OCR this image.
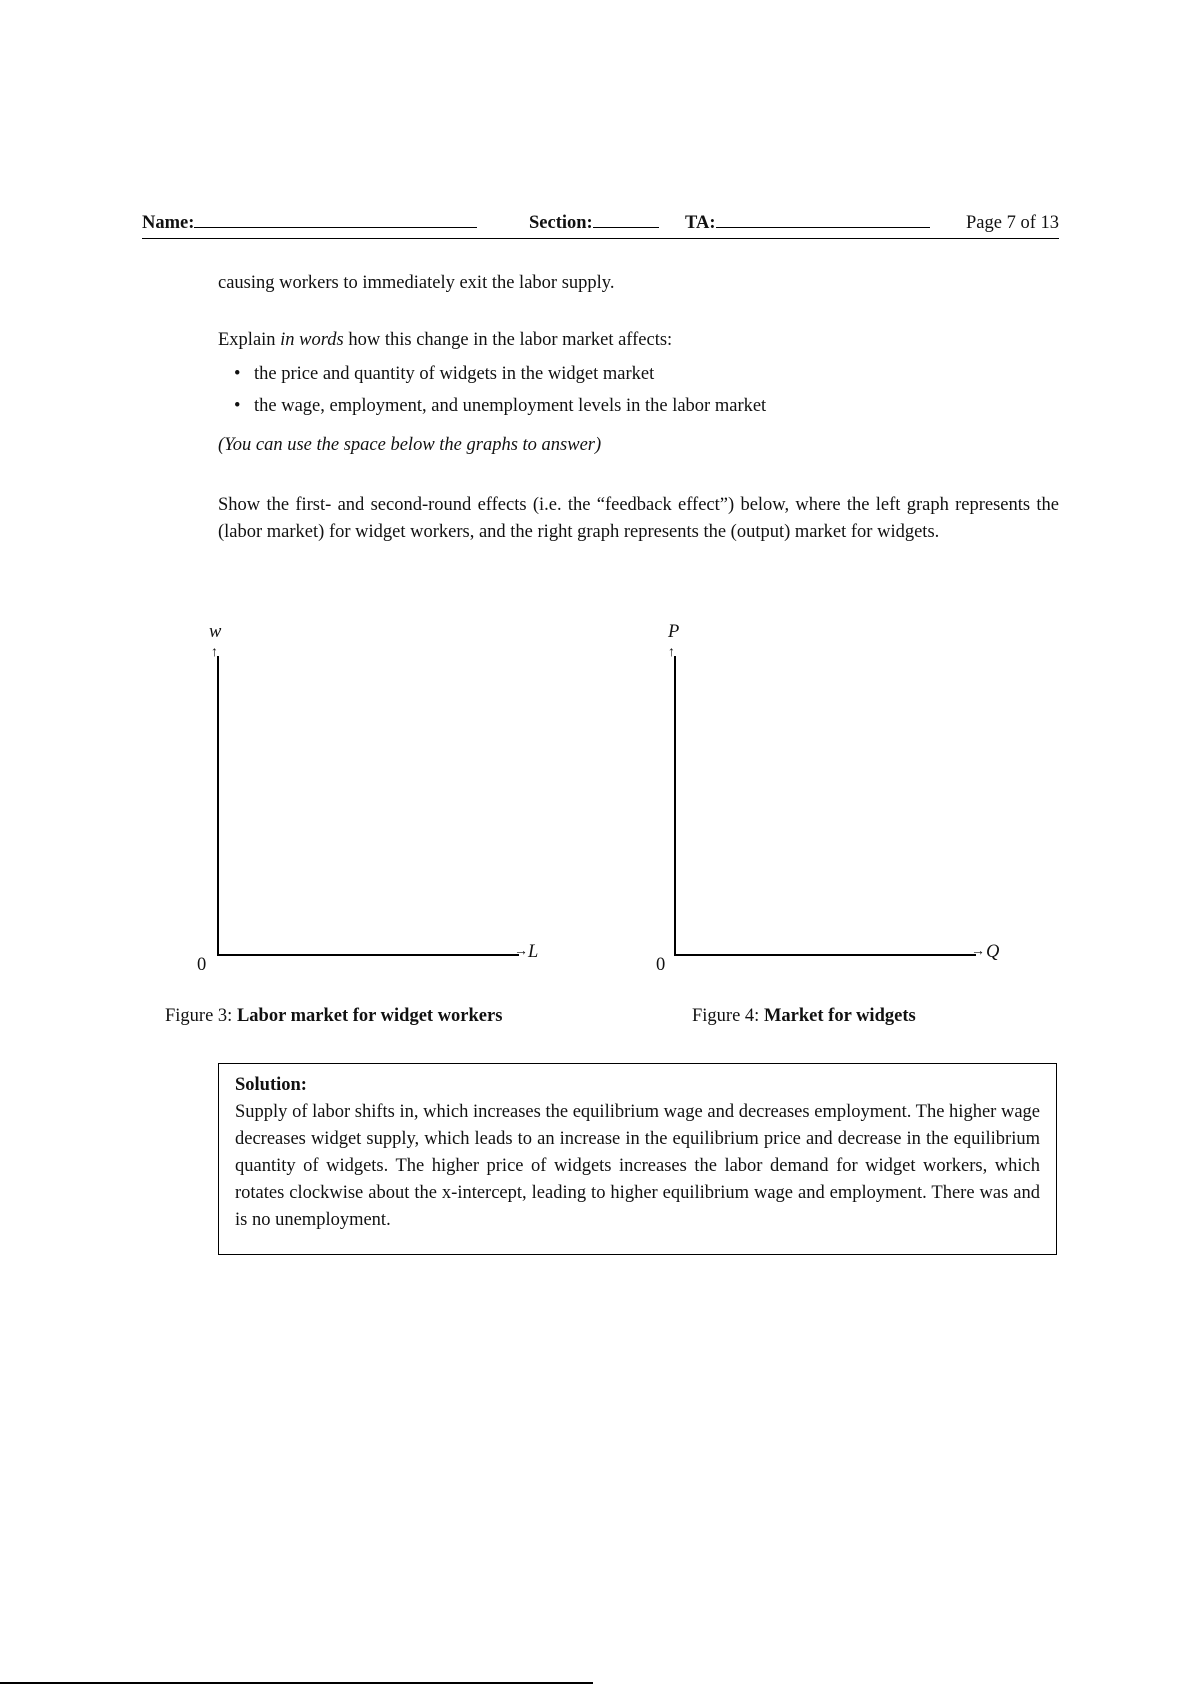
Name:	Section:	TA:	Page 7 of 13
causing workers to immediately exit the labor supply.
Explain in words how this change in the labor market affects:
• the price and quantity of widgets in the widget market
• the wage, employment, and unemployment levels in the labor market
(You can use the space below the graphs to answer)
Show the first- and second-round effects (i.e. the “feedback effect”) below, where the left graph represents the (labor market) for widget workers, and the right graph represents the (output) market for widgets.
↑
→
w
L
0
Figure 3: Labor market for widget workers
↑
→
P
Q
0
Figure 4: Market for widgets

Solution:

Supply of labor shifts in, which increases the equilibrium wage and decreases employment. The higher wage decreases widget supply, which leads to an increase in the equilibrium price and decrease in the equilibrium quantity of widgets. The higher price of widgets increases the labor demand for widget workers, which rotates clockwise about the x-intercept, leading to higher equilibrium wage and employment. There was and is no unemployment.
